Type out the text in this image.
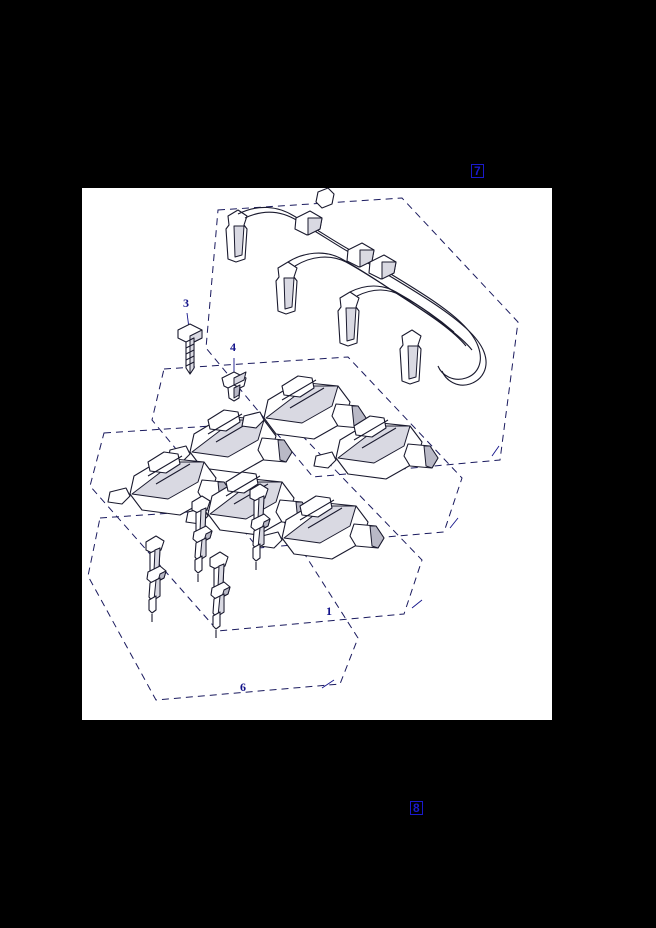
7
8
1
6
3
4
